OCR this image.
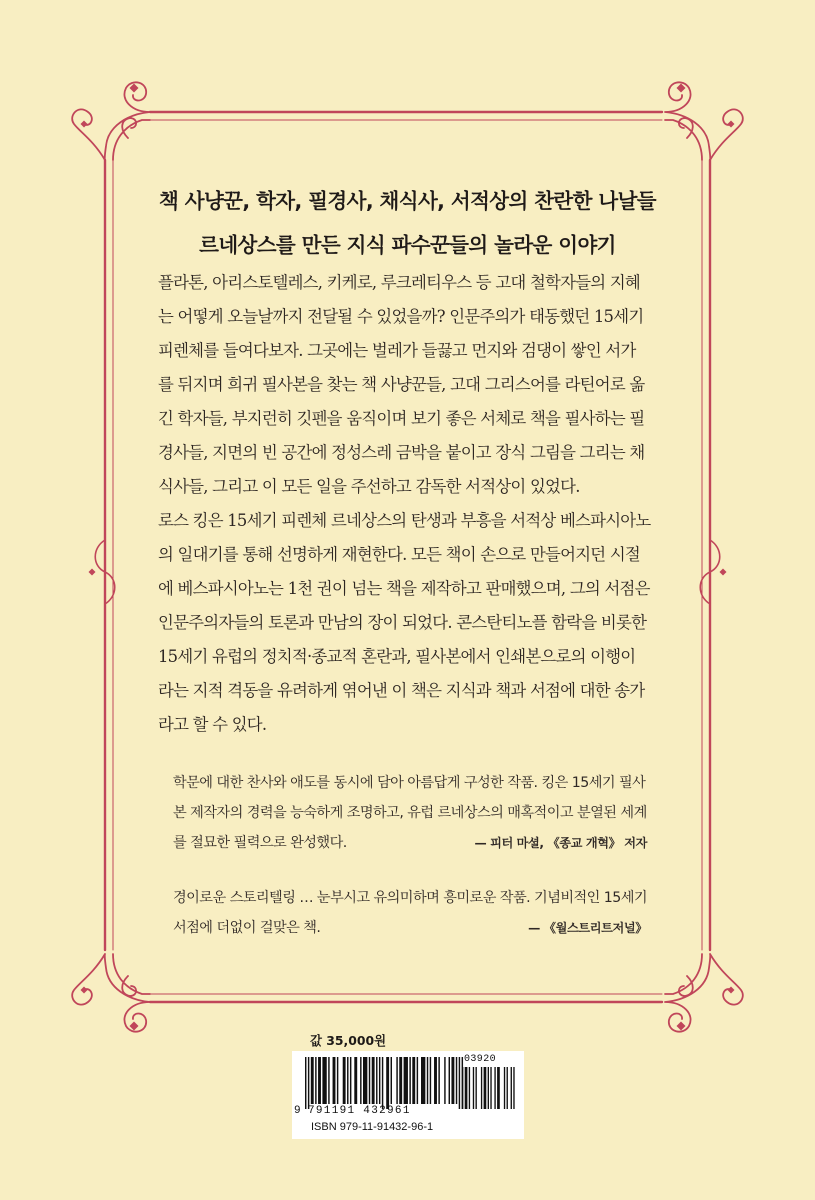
책 사냥꾼, 학자, 필경사, 채식사, 서적상의 찬란한 나날들
르네상스를 만든 지식 파수꾼들의 놀라운 이야기
플라톤, 아리스토텔레스, 키케로, 루크레티우스 등 고대 철학자들의 지혜
는 어떻게 오늘날까지 전달될 수 있었을까? 인문주의가 태동했던 15세기
피렌체를 들여다보자. 그곳에는 벌레가 들끓고 먼지와 검댕이 쌓인 서가
를 뒤지며 희귀 필사본을 찾는 책 사냥꾼들, 고대 그리스어를 라틴어로 옮
긴 학자들, 부지런히 깃펜을 움직이며 보기 좋은 서체로 책을 필사하는 필
경사들, 지면의 빈 공간에 정성스레 금박을 붙이고 장식 그림을 그리는 채
식사들, 그리고 이 모든 일을 주선하고 감독한 서적상이 있었다.
로스 킹은 15세기 피렌체 르네상스의 탄생과 부흥을 서적상 베스파시아노
의 일대기를 통해 선명하게 재현한다. 모든 책이 손으로 만들어지던 시절
에 베스파시아노는 1천 권이 넘는 책을 제작하고 판매했으며, 그의 서점은
인문주의자들의 토론과 만남의 장이 되었다. 콘스탄티노플 함락을 비롯한
15세기 유럽의 정치적·종교적 혼란과, 필사본에서 인쇄본으로의 이행이
라는 지적 격동을 유려하게 엮어낸 이 책은 지식과 책과 서점에 대한 송가
라고 할 수 있다.
학문에 대한 찬사와 애도를 동시에 담아 아름답게 구성한 작품. 킹은 15세기 필사
본 제작자의 경력을 능숙하게 조명하고, 유럽 르네상스의 매혹적이고 분열된 세계
를 절묘한 필력으로 완성했다.	— 피터 마셜, 《종교 개혁》 저자
경이로운 스토리텔링 … 눈부시고 유의미하며 흥미로운 작품. 기념비적인 15세기
서점에 더없이 걸맞은 책.	— 《월스트리트저널》
값 35,000원
9 791191 432961
03920
ISBN 979-11-91432-96-1
